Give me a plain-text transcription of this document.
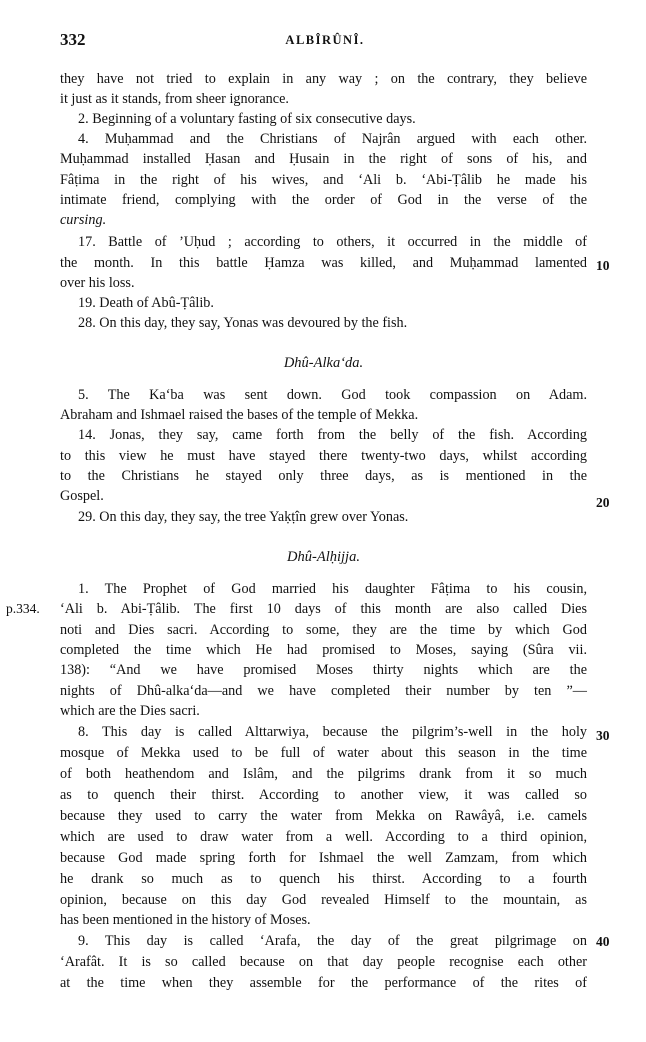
332	ALBÎRÛNÎ.
they have not tried to explain in any way ; on the contrary, they believe
it just as it stands, from sheer ignorance.
2. Beginning of a voluntary fasting of six consecutive days.
4. Muḥammad and the Christians of Najrân argued with each other.
Muḥammad installed Ḥasan and Ḥusain in the right of sons of his, and
Fâṭima in the right of his wives, and ‘Ali b. ‘Abi-Ṭâlib he made his
intimate friend, complying with the order of God in the verse of the
cursing.
17. Battle of ’Uḥud ; according to others, it occurred in the middle of
the month. In this battle Ḥamza was killed, and Muḥammad lamented
over his loss.
19. Death of Abû-Ṭâlib.
28. On this day, they say, Yonas was devoured by the fish.
Dhû-Alka‘da.
5. The Ka‘ba was sent down. God took compassion on Adam.
Abraham and Ishmael raised the bases of the temple of Mekka.
14. Jonas, they say, came forth from the belly of the fish. According
to this view he must have stayed there twenty-two days, whilst according
to the Christians he stayed only three days, as is mentioned in the
Gospel.
29. On this day, they say, the tree Yaḳṭîn grew over Yonas.
Dhû-Alḥijja.
1. The Prophet of God married his daughter Fâṭima to his cousin,
‘Ali b. Abi-Ṭâlib. The first 10 days of this month are also called Dies
noti and Dies sacri. According to some, they are the time by which God
completed the time which He had promised to Moses, saying (Sûra vii.
138): “And we have promised Moses thirty nights which are the
nights of Dhû-alka‘da—and we have completed their number by ten ”—
which are the Dies sacri.
8. This day is called Alttarwiya, because the pilgrim’s-well in the holy
mosque of Mekka used to be full of water about this season in the time
of both heathendom and Islâm, and the pilgrims drank from it so much
as to quench their thirst. According to another view, it was called so
because they used to carry the water from Mekka on Rawâyâ, i.e. camels
which are used to draw water from a well. According to a third opinion,
because God made spring forth for Ishmael the well Zamzam, from which
he drank so much as to quench his thirst. According to a fourth
opinion, because on this day God revealed Himself to the mountain, as
has been mentioned in the history of Moses.
9. This day is called ‘Arafa, the day of the great pilgrimage on
‘Arafât. It is so called because on that day people recognise each other
at the time when they assemble for the performance of the rites of
10
20
30
40
p.334.
